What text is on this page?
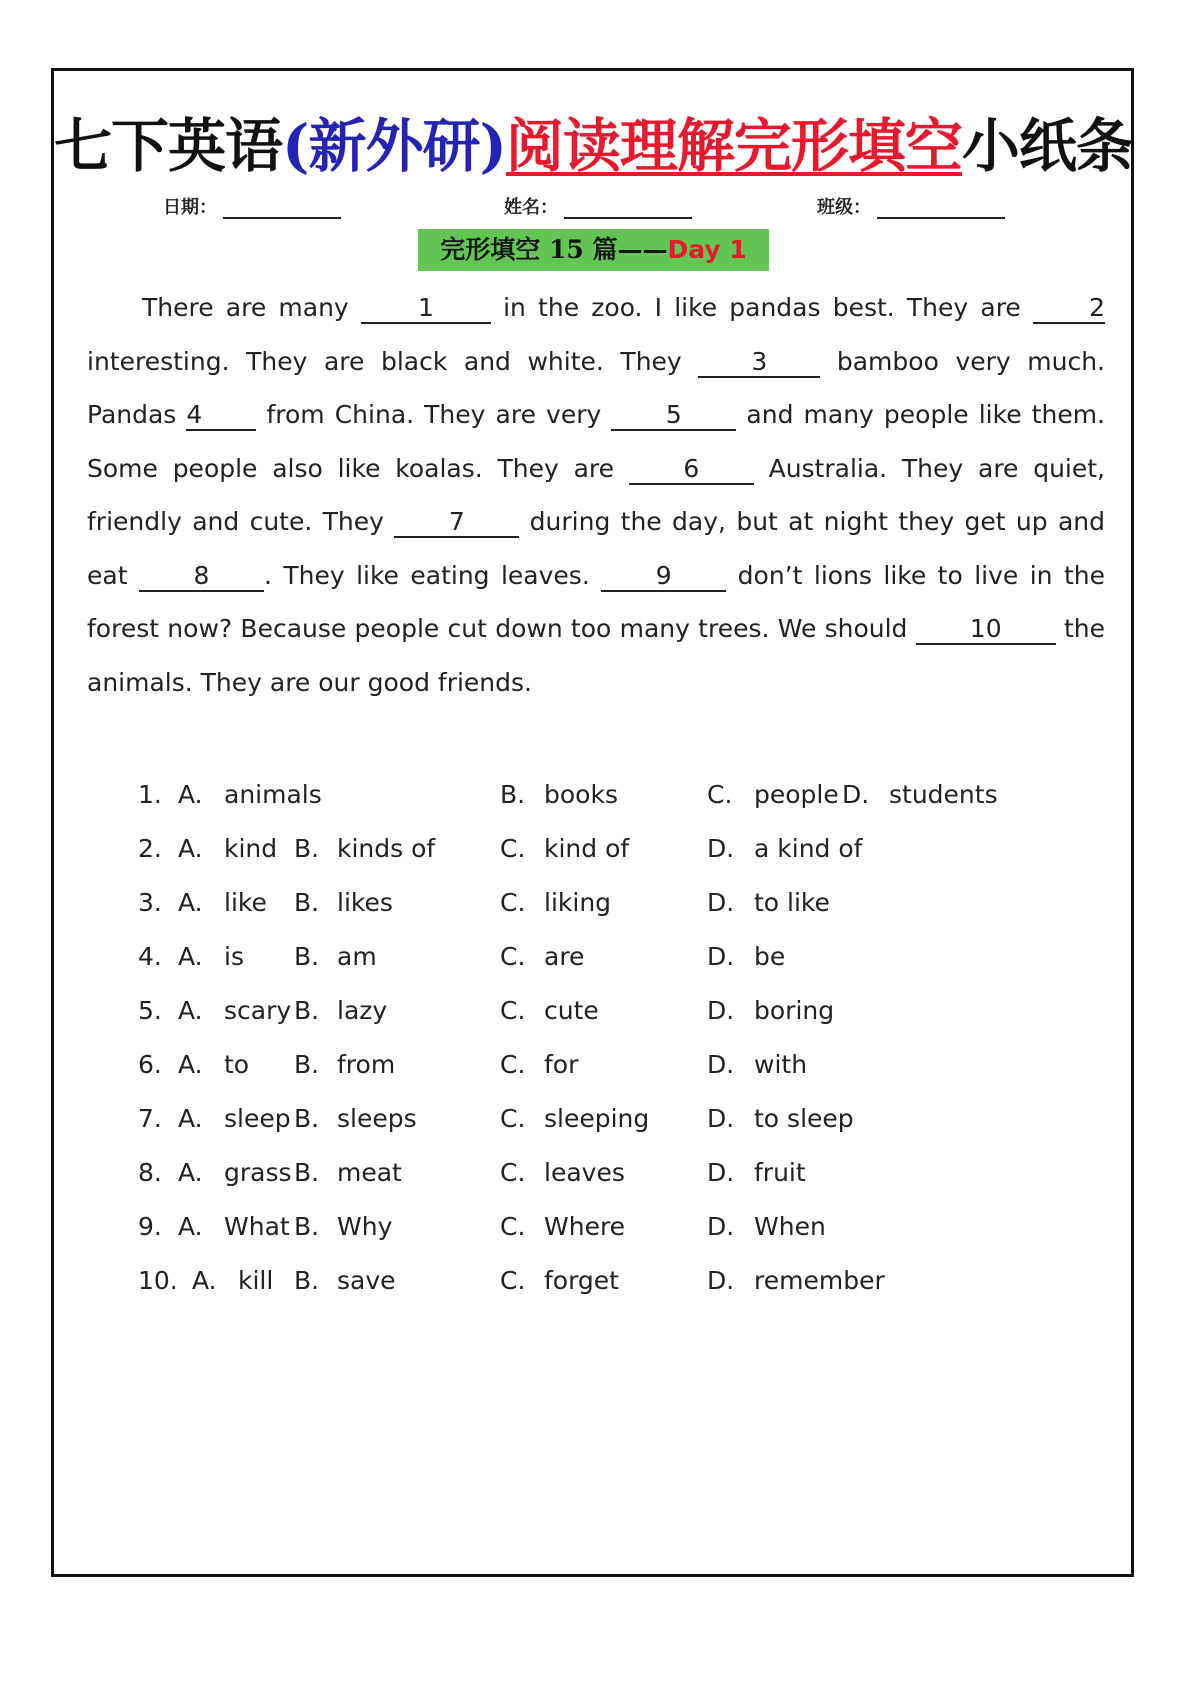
七下英语(新外研)阅读理解完形填空小纸条
日期：	姓名：	班级：
完形填空 15 篇——Day 1
There are many 1 in the zoo. I like pandas best. They are 2 interesting. They are black and white. They 3 bamboo very much. Pandas 4 from China. They are very 5 and many people like them. Some people also like koalas. They are 6 Australia. They are quiet, friendly and cute. They 7 during the day, but at night they get up and eat 8 . They like eating leaves. 9 don’t lions like to live in the forest now? Because people cut down too many trees. We should 10 the animals. They are our good friends.
1. A. animals	B. books	C. people D. students
2. A. kind B. kinds of	C. kind of	D. a kind of
3. A. like B. likes	C. liking	D. to like
4. A. is B. am	C. are	D. be
5. A. scary B. lazy	C. cute	D. boring
6. A. to B. from	C. for	D. with
7. A. sleep B. sleeps	C. sleeping D. to sleep
8. A. grass B. meat	C. leaves	D. fruit
9. A. What B. Why	C. Where	D. When
10. A. kill B. save	C. forget	D. remember
